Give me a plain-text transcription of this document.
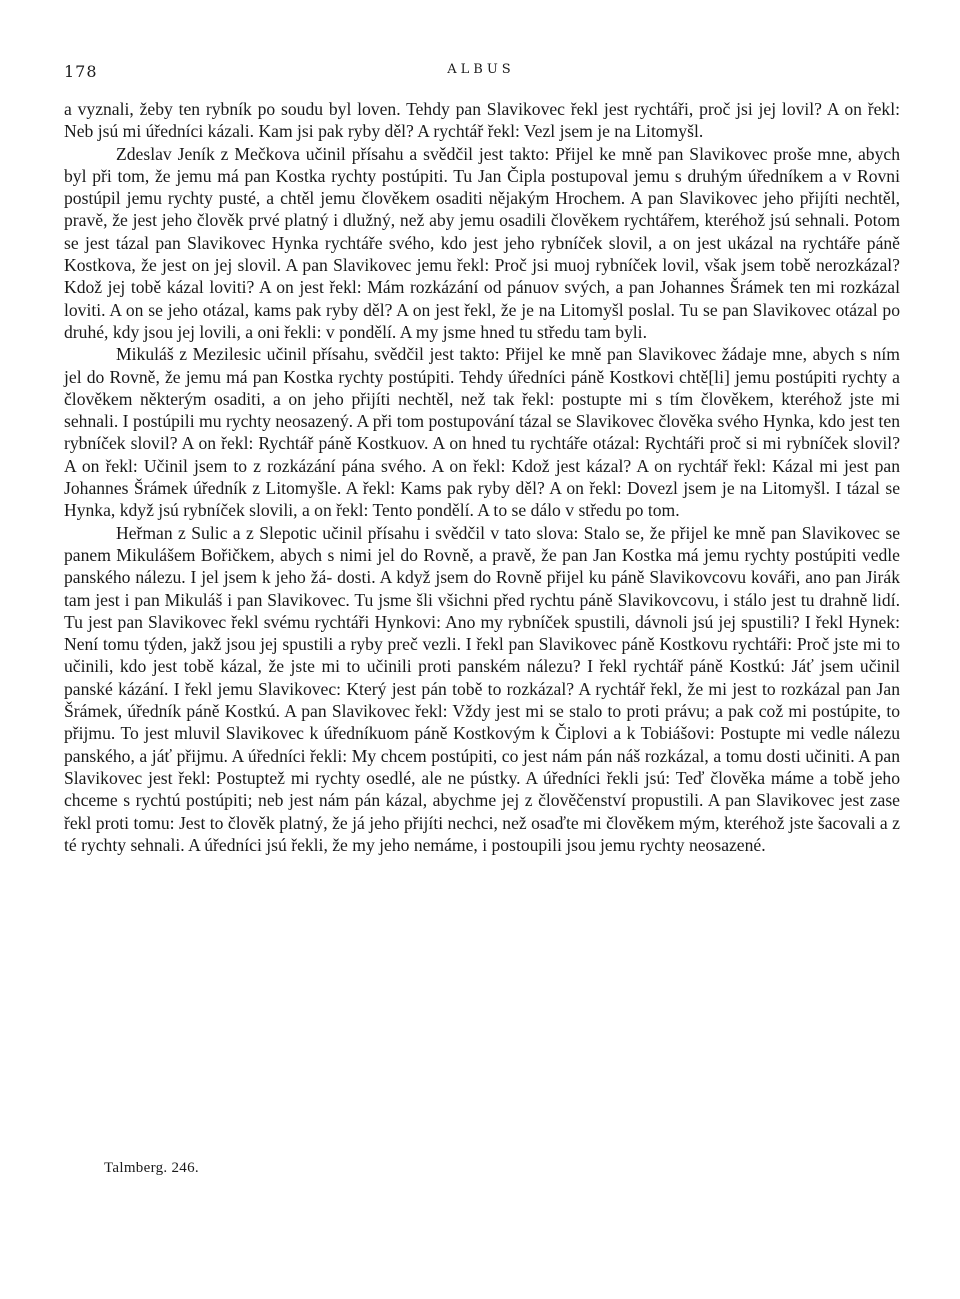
178	ALBUS

a vyznali, žeby ten rybník po soudu byl loven. Tehdy pan Slavikovec řekl jest rychtáři, proč jsi jej lovil? A on řekl: Neb jsú mi úředníci kázali. Kam jsi pak ryby děl? A rychtář řekl: Vezl jsem je na Litomyšl.

Zdeslav Jeník z Mečkova učinil přísahu a svědčil jest takto: Přijel ke mně pan Slavikovec proše mne, abych byl při tom, že jemu má pan Kostka rychty postúpiti. Tu Jan Čipla postupoval jemu s druhým úředníkem a v Rovni postúpil jemu rychty pusté, a chtěl jemu člověkem osaditi nějakým Hrochem. A pan Slavikovec jeho přijíti nechtěl, pravě, že jest jeho člověk prvé platný i dlužný, než aby jemu osadili člověkem rychtářem, kteréhož jsú sehnali. Potom se jest tázal pan Slavikovec Hynka rychtáře svého, kdo jest jeho rybníček slovil, a on jest ukázal na rychtáře páně Kostkova, že jest on jej slovil. A pan Slavikovec jemu řekl: Proč jsi muoj rybníček lovil, však jsem tobě nerozkázal? Kdož jej tobě kázal loviti? A on jest řekl: Mám rozkázání od pánuov svých, a pan Johannes Šrámek ten mi rozkázal loviti. A on se jeho otázal, kams pak ryby děl? A on jest řekl, že je na Litomyšl poslal. Tu se pan Slavikovec otázal po druhé, kdy jsou jej lovili, a oni řekli: v pondělí. A my jsme hned tu středu tam byli.

Mikuláš z Mezilesic učinil přísahu, svědčil jest takto: Přijel ke mně pan Slavikovec žádaje mne, abych s ním jel do Rovně, že jemu má pan Kostka rychty postúpiti. Tehdy úředníci páně Kostkovi chtě[li] jemu postúpiti rychty a člověkem některým osaditi, a on jeho přijíti nechtěl, než tak řekl: postupte mi s tím člověkem, kteréhož jste mi sehnali. I postúpili mu rychty neosazený. A při tom postupování tázal se Slavikovec člověka svého Hynka, kdo jest ten rybníček slovil? A on řekl: Rychtář páně Kostkuov. A on hned tu rychtáře otázal: Rychtáři proč si mi rybníček slovil? A on řekl: Učinil jsem to z rozkázání pána svého. A on řekl: Kdož jest kázal? A on rychtář řekl: Kázal mi jest pan Johannes Šrámek úředník z Litomyšle. A řekl: Kams pak ryby děl? A on řekl: Dovezl jsem je na Litomyšl. I tázal se Hynka, když jsú rybníček slovili, a on řekl: Tento pondělí. A to se dálo v středu po tom.

Heřman z Sulic a z Slepotic učinil přísahu i svědčil v tato slova: Stalo se, že přijel ke mně pan Slavikovec se panem Mikulášem Bořičkem, abych s nimi jel do Rovně, a pravě, že pan Jan Kostka má jemu rychty postúpiti vedle panského nálezu. I jel jsem k jeho žá- dosti. A když jsem do Rovně přijel ku páně Slavikovcovu kováři, ano pan Jirák tam jest i pan Mikuláš i pan Slavikovec. Tu jsme šli všichni před rychtu páně Slavikovcovu, i stálo jest tu drahně lidí. Tu jest pan Slavikovec řekl svému rychtáři Hynkovi: Ano my rybníček spustili, dávnoli jsú jej spustili? I řekl Hynek: Není tomu týden, jakž jsou jej spustili a ryby preč vezli. I řekl pan Slavikovec páně Kostkovu rychtáři: Proč jste mi to učinili, kdo jest tobě kázal, že jste mi to učinili proti panském nálezu? I řekl rychtář páně Kostkú: Jáť jsem učinil panské kázání. I řekl jemu Slavikovec: Který jest pán tobě to rozkázal? A rychtář řekl, že mi jest to rozkázal pan Jan Šrámek, úředník páně Kostkú. A pan Slavikovec řekl: Vždy jest mi se stalo to proti právu; a pak což mi postúpite, to přijmu. To jest mluvil Slavikovec k úředníkuom páně Kostkovým k Čiplovi a k Tobiášovi: Postupte mi vedle nálezu panského, a jáť přijmu. A úředníci řekli: My chcem postúpiti, co jest nám pán náš rozkázal, a tomu dosti učiniti. A pan Slavikovec jest řekl: Postuptež mi rychty osedlé, ale ne pústky. A úředníci řekli jsú: Teď člověka máme a tobě jeho chceme s rychtú postúpiti; neb jest nám pán kázal, abychme jej z člověčenství propustili. A pan Slavikovec jest zase řekl proti tomu: Jest to člověk platný, že já jeho přijíti nechci, než osaďte mi člověkem mým, kteréhož jste šacovali a z té rychty sehnali. A úředníci jsú řekli, že my jeho nemáme, i postoupili jsou jemu rychty neosazené.

Talmberg. 246.
